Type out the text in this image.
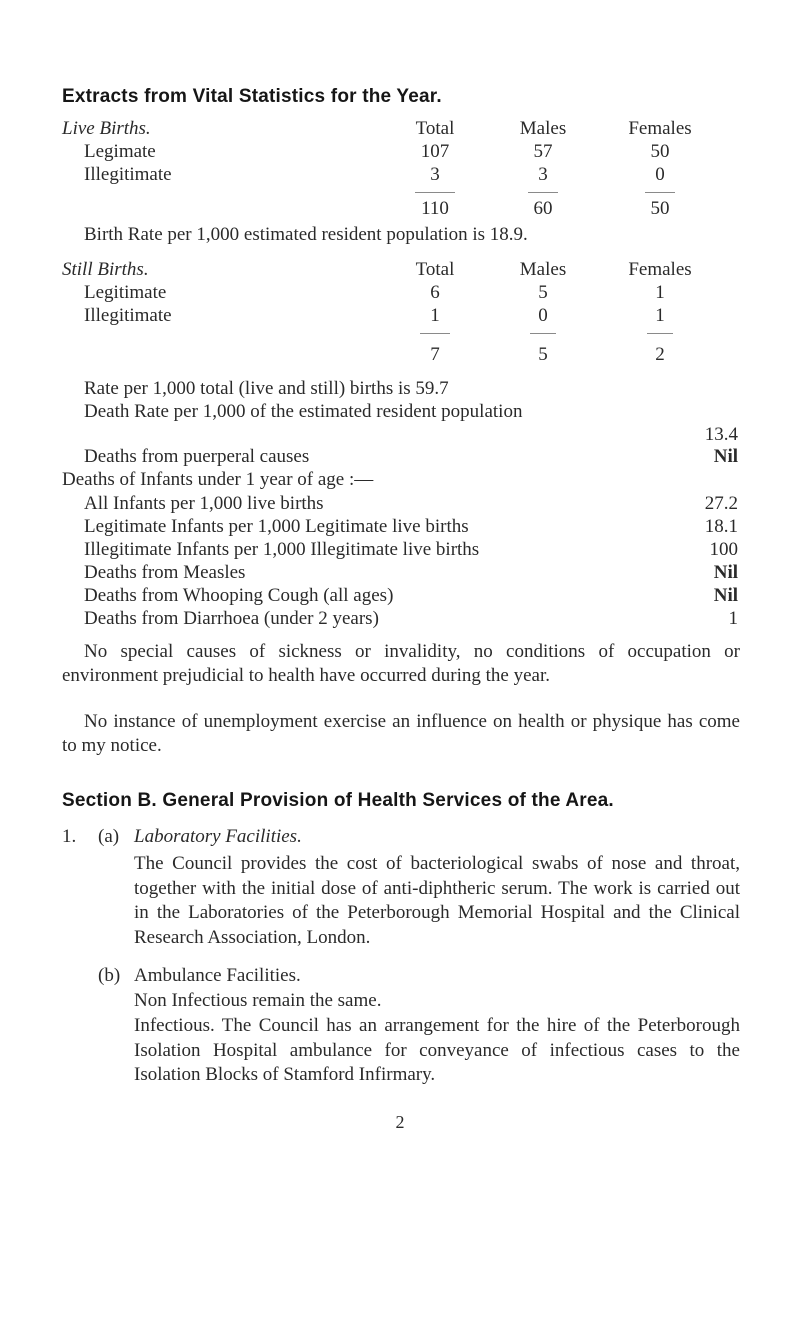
Extracts from Vital Statistics for the Year.
Live Births.	Total	Males	Females
Legimate	107	57	50
Illegitimate	3	3	0
110	60	50
Birth Rate per 1,000 estimated resident population is 18.9.
Still Births.	Total	Males	Females
Legitimate	6	5	1
Illegitimate	1	0	1
7	5	2
Rate per 1,000 total (live and still) births is 59.7
Death Rate per 1,000 of the estimated resident population
13.4
Deaths from puerperal causes	Nil
Deaths of Infants under 1 year of age :—
All Infants per 1,000 live births	27.2
Legitimate Infants per 1,000 Legitimate live births	18.1
Illegitimate Infants per 1,000 Illegitimate live births	100
Deaths from Measles	Nil
Deaths from Whooping Cough (all ages)	Nil
Deaths from Diarrhoea (under 2 years)	1
No special causes of sickness or invalidity, no conditions of occupation or environment prejudicial to health have occurred during the year.
No instance of unemployment exercise an influence on health or physique has come to my notice.
Section B. General Provision of Health Services of the Area.
1. (a) Laboratory Facilities.
The Council provides the cost of bacteriological swabs of nose and throat, together with the initial dose of anti-diphtheric serum. The work is carried out in the Laboratories of the Peterborough Memorial Hospital and the Clinical Research Association, London.
(b) Ambulance Facilities.
Non Infectious remain the same.
Infectious. The Council has an arrangement for the hire of the Peterborough Isolation Hospital ambulance for conveyance of infectious cases to the Isolation Blocks of Stamford Infirmary.
2
